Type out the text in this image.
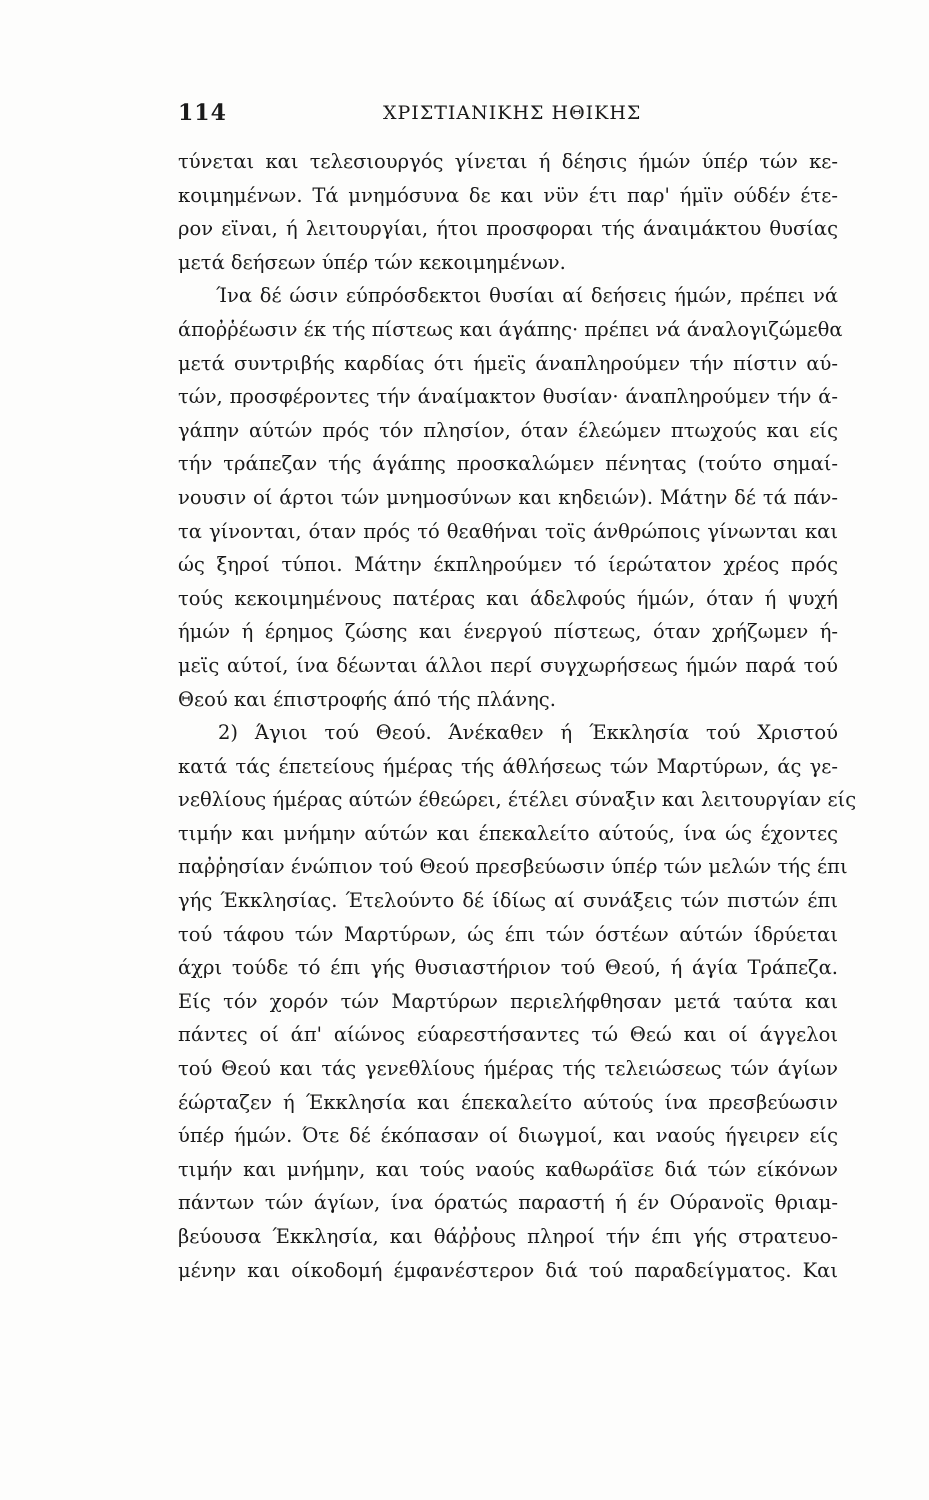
114	ΧΡΙΣΤΙΑΝΙΚΗΣ ΗΘΙΚΗΣ
τύνεται και τελεσιουργός γίνεται ή δέησις ήμών ύπέρ τών κε-
κοιμημένων. Τά μνημόσυνα δε και νϋν έτι παρ' ήμϊν ούδέν έτε-
ρον εϊναι, ή λειτουργίαι, ήτοι προσφοραι τής άναιμάκτου θυσίας
μετά δεήσεων ύπέρ τών κεκοιμημένων.
Ίνα δέ ώσιν εύπρόσδεκτοι θυσίαι αί δεήσεις ήμών, πρέπει νά
άποῤῥέωσιν έκ τής πίστεως και άγάπης· πρέπει νά άναλογιζώμεθα
μετά συντριβής καρδίας ότι ήμεϊς άναπληρούμεν τήν πίστιν αύ-
τών, προσφέροντες τήν άναίμακτον θυσίαν· άναπληρούμεν τήν ά-
γάπην αύτών πρός τόν πλησίον, όταν έλεώμεν πτωχούς και είς
τήν τράπεζαν τής άγάπης προσκαλώμεν πένητας (τούτο σημαί-
νουσιν οί άρτοι τών μνημοσύνων και κηδειών). Μάτην δέ τά πάν-
τα γίνονται, όταν πρός τό θεαθήναι τοϊς άνθρώποις γίνωνται και
ώς ξηροί τύποι. Μάτην έκπληρούμεν τό ίερώτατον χρέος πρός
τούς κεκοιμημένους πατέρας και άδελφούς ήμών, όταν ή ψυχή
ήμών ή έρημος ζώσης και ένεργού πίστεως, όταν χρήζωμεν ή-
μεϊς αύτοί, ίνα δέωνται άλλοι περί συγχωρήσεως ήμών παρά τού
Θεού και έπιστροφής άπό τής πλάνης.
2) Άγιοι τού Θεού. Άνέκαθεν ή Έκκλησία τού Χριστού
κατά τάς έπετείους ήμέρας τής άθλήσεως τών Μαρτύρων, άς γε-
νεθλίους ήμέρας αύτών έθεώρει, έτέλει σύναξιν και λειτουργίαν είς
τιμήν και μνήμην αύτών και έπεκαλείτο αύτούς, ίνα ώς έχοντες
παῤῥησίαν ένώπιον τού Θεού πρεσβεύωσιν ύπέρ τών μελών τής έπι
γής Έκκλησίας. Έτελούντο δέ ίδίως αί συνάξεις τών πιστών έπι
τού τάφου τών Μαρτύρων, ώς έπι τών όστέων αύτών ίδρύεται
άχρι τούδε τό έπι γής θυσιαστήριον τού Θεού, ή άγία Τράπεζα.
Είς τόν χορόν τών Μαρτύρων περιελήφθησαν μετά ταύτα και
πάντες οί άπ' αίώνος εύαρεστήσαντες τώ Θεώ και οί άγγελοι
τού Θεού και τάς γενεθλίους ήμέρας τής τελειώσεως τών άγίων
έώρταζεν ή Έκκλησία και έπεκαλείτο αύτούς ίνα πρεσβεύωσιν
ύπέρ ήμών. Ότε δέ έκόπασαν οί διωγμοί, και ναούς ήγειρεν είς
τιμήν και μνήμην, και τούς ναούς καθωράϊσε διά τών είκόνων
πάντων τών άγίων, ίνα όρατώς παραστή ή έν Ούρανοϊς θριαμ-
βεύουσα Έκκλησία, και θάῤῥους πληροί τήν έπι γής στρατευο-
μένην και οίκοδομή έμφανέστερον διά τού παραδείγματος. Και
